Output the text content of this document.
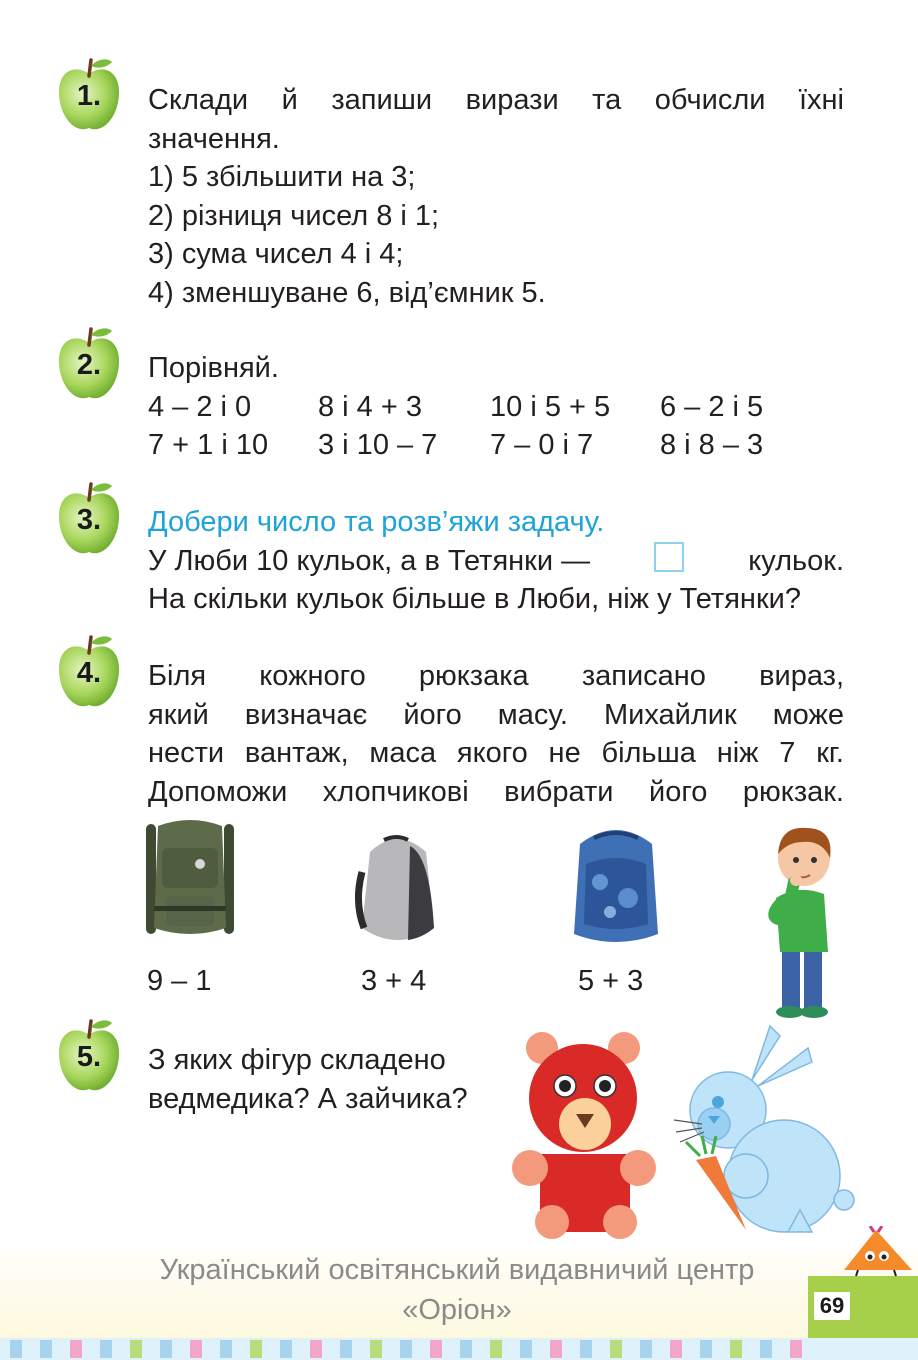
1.	Склади й запиши вирази та обчисли їхні

значення.

1) 5 збільшити на 3;

2) різниця чисел 8 і 1;

3) сума чисел 4 і 4;

4) зменшуване 6, від’ємник 5.

2.	Порівняй.

4 – 2 і 0	8 і 4 + 3	10 і 5 + 5	6 – 2 і 5
7 + 1 і 10	3 і 10 – 7	7 – 0 і 7	8 і 8 – 3
3.	Добери число та розв’яжи задачу.

У Люби 10 кульок, а в Тетянки —	кульок.

На скільки кульок більше в Люби, ніж у Тетянки?

4.	Біля кожного рюкзака записано вираз,

який визначає його масу. Михайлик може

нести вантаж, маса якого не більша ніж 7 кг.

Допоможи хлопчикові вибрати його рюкзак.

9 – 1	3 + 4	5 + 3
5.	З яких фігур складено

ведмедика? А зайчика?

69
Український освітянський видавничий центр
«Оріон»
